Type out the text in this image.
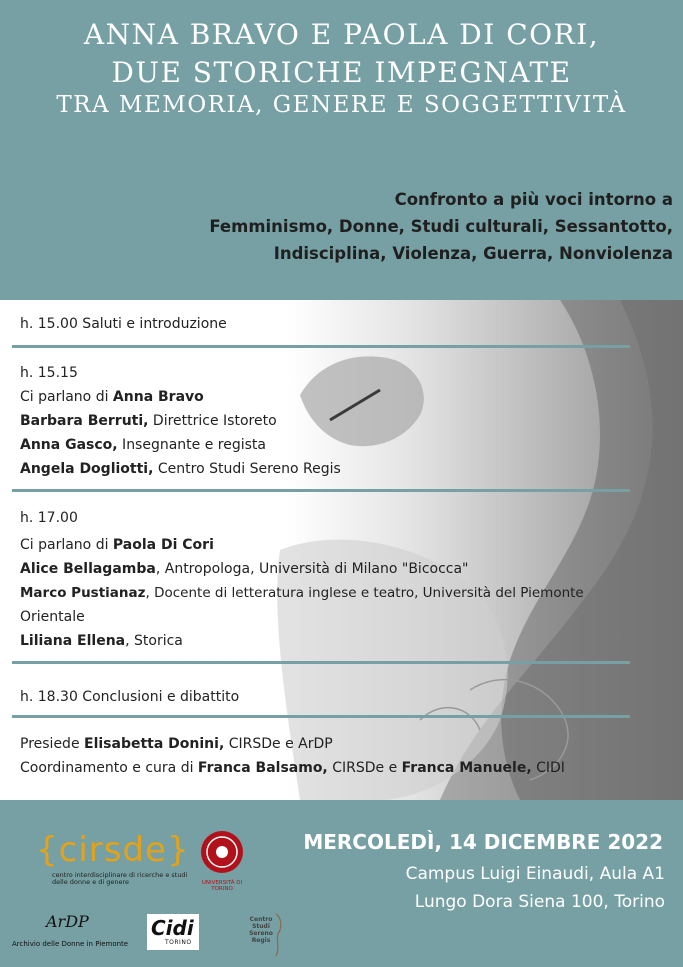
ANNA BRAVO E PAOLA DI CORI,
DUE STORICHE IMPEGNATE
TRA MEMORIA, GENERE E SOGGETTIVITÀ
Confronto a più voci intorno a
Femminismo, Donne, Studi culturali, Sessantotto,
Indisciplina, Violenza, Guerra, Nonviolenza
h. 15.00 Saluti e introduzione
h. 15.15
Ci parlano di Anna Bravo
Barbara Berruti, Direttrice Istoreto
Anna Gasco, Insegnante e regista
Angela Dogliotti, Centro Studi Sereno Regis
h. 17.00
Ci parlano di Paola Di Cori
Alice Bellagamba, Antropologa, Università di Milano "Bicocca"
Marco Pustianaz, Docente di letteratura inglese e teatro, Università del Piemonte
Orientale
Liliana Ellena, Storica
h. 18.30 Conclusioni e dibattito
Presiede Elisabetta Donini, CIRSDe e ArDP
Coordinamento e cura di Franca Balsamo, CIRSDe e Franca Manuele, CIDI
{cirsde}
centro interdisciplinare di ricerche e studi delle donne e di genere	UNIVERSITÀ DI TORINO
ArDP
Archivio delle Donne in Piemonte
Cidi
TORINO
Centro Studi Sereno Regis
MERCOLEDÌ, 14 DICEMBRE 2022
Campus Luigi Einaudi, Aula A1
Lungo Dora Siena 100, Torino
